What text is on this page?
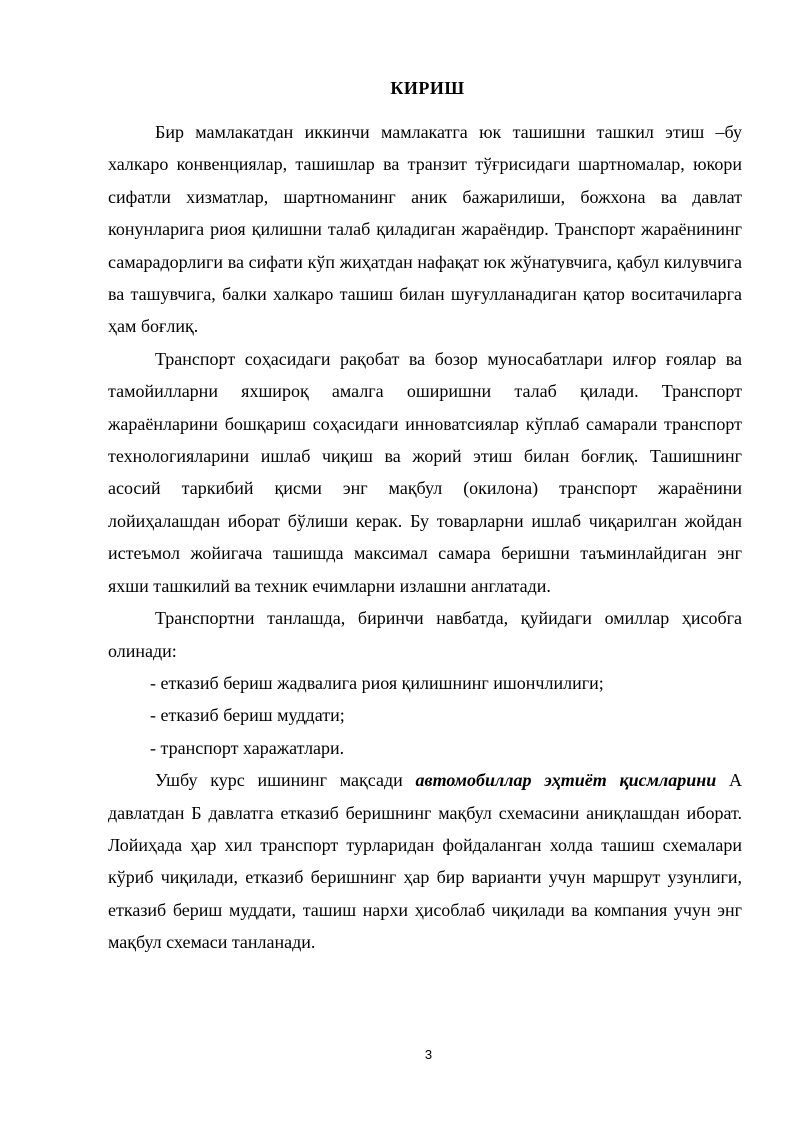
КИРИШ

Бир мамлакатдан иккинчи мамлакатга юк ташишни ташкил этиш –бу халкаро конвенциялар, ташишлар ва транзит тўғрисидаги шартномалар, юкори сифатли хизматлар, шартноманинг аник бажарилиши, божхона ва давлат конунларига риоя қилишни талаб қиладиган жараёндир. Транспорт жараёнининг самарадорлиги ва сифати кўп жиҳатдан нафақат юк жўнатувчига, қабул килувчига ва ташувчига, балки халкаро ташиш билан шуғулланадиган қатор воситачиларга ҳам боғлиқ.

Транспорт соҳасидаги рақобат ва бозор муносабатлари илғор ғоялар ва тамойилларни яхшироқ амалга оширишни талаб қилади. Транспорт жараёнларини бошқариш соҳасидаги инноватсиялар кўплаб самарали транспорт технологияларини ишлаб чиқиш ва жорий этиш билан боғлиқ. Ташишнинг асосий таркибий қисми энг мақбул (окилона) транспорт жараёнини лойиҳалашдан иборат бўлиши керак. Бу товарларни ишлаб чиқарилган жойдан истеъмол жойигача ташишда максимал самара беришни таъминлайдиган энг яхши ташкилий ва техник ечимларни излашни англатади.

Транспортни танлашда, биринчи навбатда, қуйидаги омиллар ҳисобга олинади:

- етказиб бериш жадвалига риоя қилишнинг ишончлилиги;

- етказиб бериш муддати;

- транспорт харажатлари.

Ушбу курс ишининг мақсади автомобиллар эҳтиёт қисмларини А давлатдан Б давлатга етказиб беришнинг мақбул схемасини аниқлашдан иборат. Лойиҳада ҳар хил транспорт турларидан фойдаланган холда ташиш схемалари кўриб чиқилади, етказиб беришнинг ҳар бир варианти учун маршрут узунлиги, етказиб бериш муддати, ташиш нархи ҳисоблаб чиқилади ва компания учун энг мақбул схемаси танланади.

3
